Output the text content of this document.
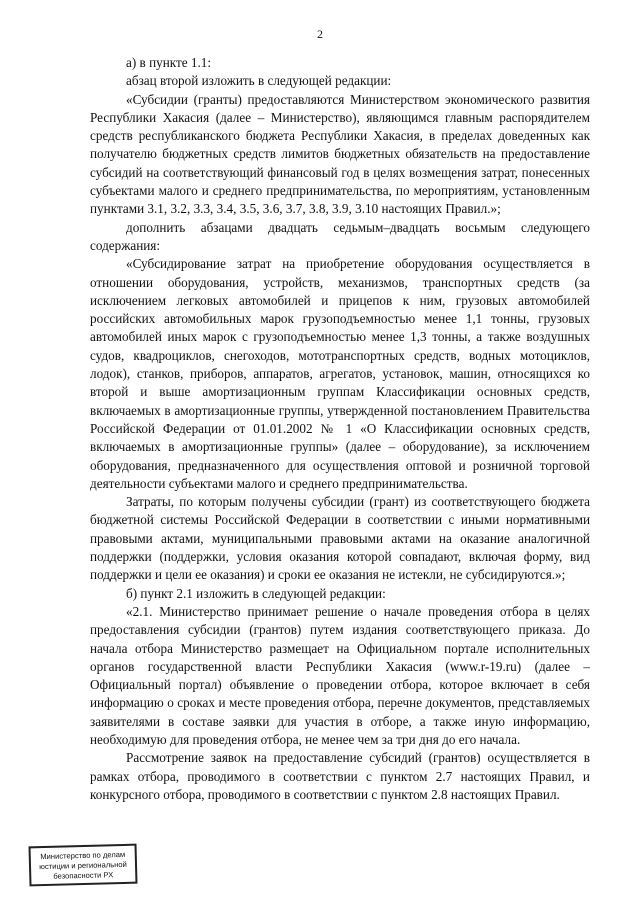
2

а) в пункте 1.1:

абзац второй изложить в следующей редакции:

«Субсидии (гранты) предоставляются Министерством экономического развития Республики Хакасия (далее – Министерство), являющимся главным распорядителем средств республиканского бюджета Республики Хакасия, в пределах доведенных как получателю бюджетных средств лимитов бюджетных обязательств на предоставление субсидий на соответствующий финансовый год в целях возмещения затрат, понесенных субъектами малого и среднего предпринимательства, по мероприятиям, установленным пунктами 3.1, 3.2, 3.3, 3.4, 3.5, 3.6, 3.7, 3.8, 3.9, 3.10 настоящих Правил.»;

дополнить абзацами двадцать седьмым–двадцать восьмым следующего содержания:

«Субсидирование затрат на приобретение оборудования осуществляется в отношении оборудования, устройств, механизмов, транспортных средств (за исключением легковых автомобилей и прицепов к ним, грузовых автомобилей российских автомобильных марок грузоподъемностью менее 1,1 тонны, грузовых автомобилей иных марок с грузоподъемностью менее 1,3 тонны, а также воздушных судов, квадроциклов, снегоходов, мототранспортных средств, водных мотоциклов, лодок), станков, приборов, аппаратов, агрегатов, установок, машин, относящихся ко второй и выше амортизационным группам Классификации основных средств, включаемых в амортизационные группы, утвержденной постановлением Правительства Российской Федерации от 01.01.2002 № 1 «О Классификации основных средств, включаемых в амортизационные группы» (далее – оборудование), за исключением оборудования, предназначенного для осуществления оптовой и розничной торговой деятельности субъектами малого и среднего предпринимательства.

Затраты, по которым получены субсидии (грант) из соответствующего бюджета бюджетной системы Российской Федерации в соответствии с иными нормативными правовыми актами, муниципальными правовыми актами на оказание аналогичной поддержки (поддержки, условия оказания которой совпадают, включая форму, вид поддержки и цели ее оказания) и сроки ее оказания не истекли, не субсидируются.»;

б) пункт 2.1 изложить в следующей редакции:

«2.1. Министерство принимает решение о начале проведения отбора в целях предоставления субсидии (грантов) путем издания соответствующего приказа. До начала отбора Министерство размещает на Официальном портале исполнительных органов государственной власти Республики Хакасия (www.r-19.ru) (далее – Официальный портал) объявление о проведении отбора, которое включает в себя информацию о сроках и месте проведения отбора, перечне документов, представляемых заявителями в составе заявки для участия в отборе, а также иную информацию, необходимую для проведения отбора, не менее чем за три дня до его начала.

Рассмотрение заявок на предоставление субсидий (грантов) осуществляется в рамках отбора, проводимого в соответствии с пунктом 2.7 настоящих Правил, и конкурсного отбора, проводимого в соответствии с пунктом 2.8 настоящих Правил.

Министерство по делам
юстиции и региональной
безопасности РХ
